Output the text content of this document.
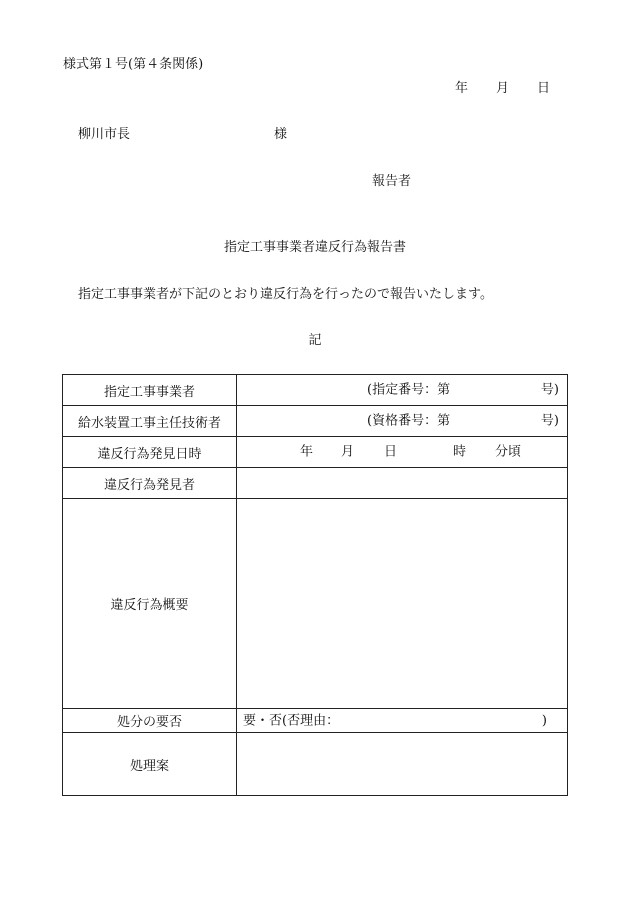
様式第１号(第４条関係)
年 月 日
柳川市長	様
報告者
指定工事事業者違反行為報告書
指定工事事業者が下記のとおり違反行為を行ったので報告いたします。
記
指定工事事業者	(指定番号：第 号)

給水装置工事主任技術者	(資格番号：第 号)

違反行為発見日時	年 月 日 時 分頃

違反行為発見者	
違反行為概要	
処分の要否	要・否(否理由： )

処理案	
